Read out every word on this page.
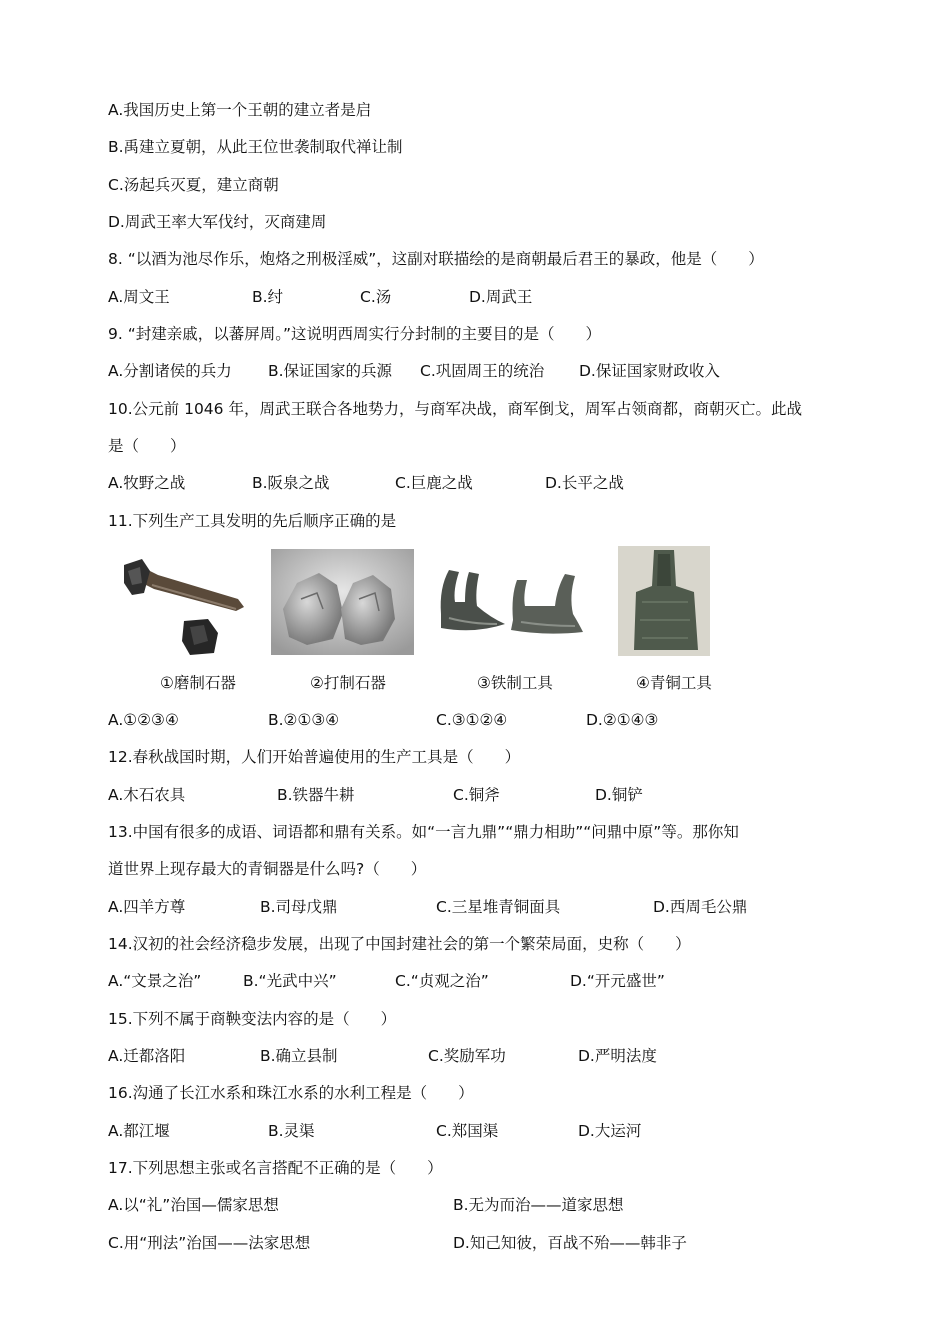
A.我国历史上第一个王朝的建立者是启
B.禹建立夏朝，从此王位世袭制取代禅让制
C.汤起兵灭夏，建立商朝
D.周武王率大军伐纣，灭商建周
8. “以酒为池尽作乐，炮烙之刑极淫威”，这副对联描绘的是商朝最后君王的暴政，他是（　　）
A.周文王	B.纣	C.汤	D.周武王
9. “封建亲戚，以蕃屏周。”这说明西周实行分封制的主要目的是（　　）
A.分割诸侯的兵力 B.保证国家的兵源 C.巩固周王的统治 D.保证国家财政收入
10.公元前 1046 年，周武王联合各地势力，与商军决战，商军倒戈，周军占领商都，商朝灭亡。此战
是（　　）
A.牧野之战	B.阪泉之战	C.巨鹿之战	D.长平之战
11.下列生产工具发明的先后顺序正确的是
①磨制石器	②打制石器	③铁制工具	④青铜工具
A.①②③④	B.②①③④	C.③①②④	D.②①④③
12.春秋战国时期，人们开始普遍使用的生产工具是（　　）
A.木石农具	B.铁器牛耕	C.铜斧	D.铜铲
13.中国有很多的成语、词语都和鼎有关系。如“一言九鼎”“鼎力相助”“问鼎中原”等。那你知
道世界上现存最大的青铜器是什么吗?（　　）
A.四羊方尊	B.司母戊鼎	C.三星堆青铜面具	D.西周毛公鼎
14.汉初的社会经济稳步发展，出现了中国封建社会的第一个繁荣局面，史称（　　）
A.“文景之治”	B.“光武中兴”	C.“贞观之治”	D.“开元盛世”
15.下列不属于商鞅变法内容的是（　　）
A.迁都洛阳	B.确立县制	C.奖励军功	D.严明法度
16.沟通了长江水系和珠江水系的水利工程是（　　）
A.都江堰	B.灵渠	C.郑国渠	D.大运河
17.下列思想主张或名言搭配不正确的是（　　）
A.以“礼”治国—儒家思想	B.无为而治——道家思想
C.用“刑法”治国——法家思想	D.知己知彼，百战不殆——韩非子
